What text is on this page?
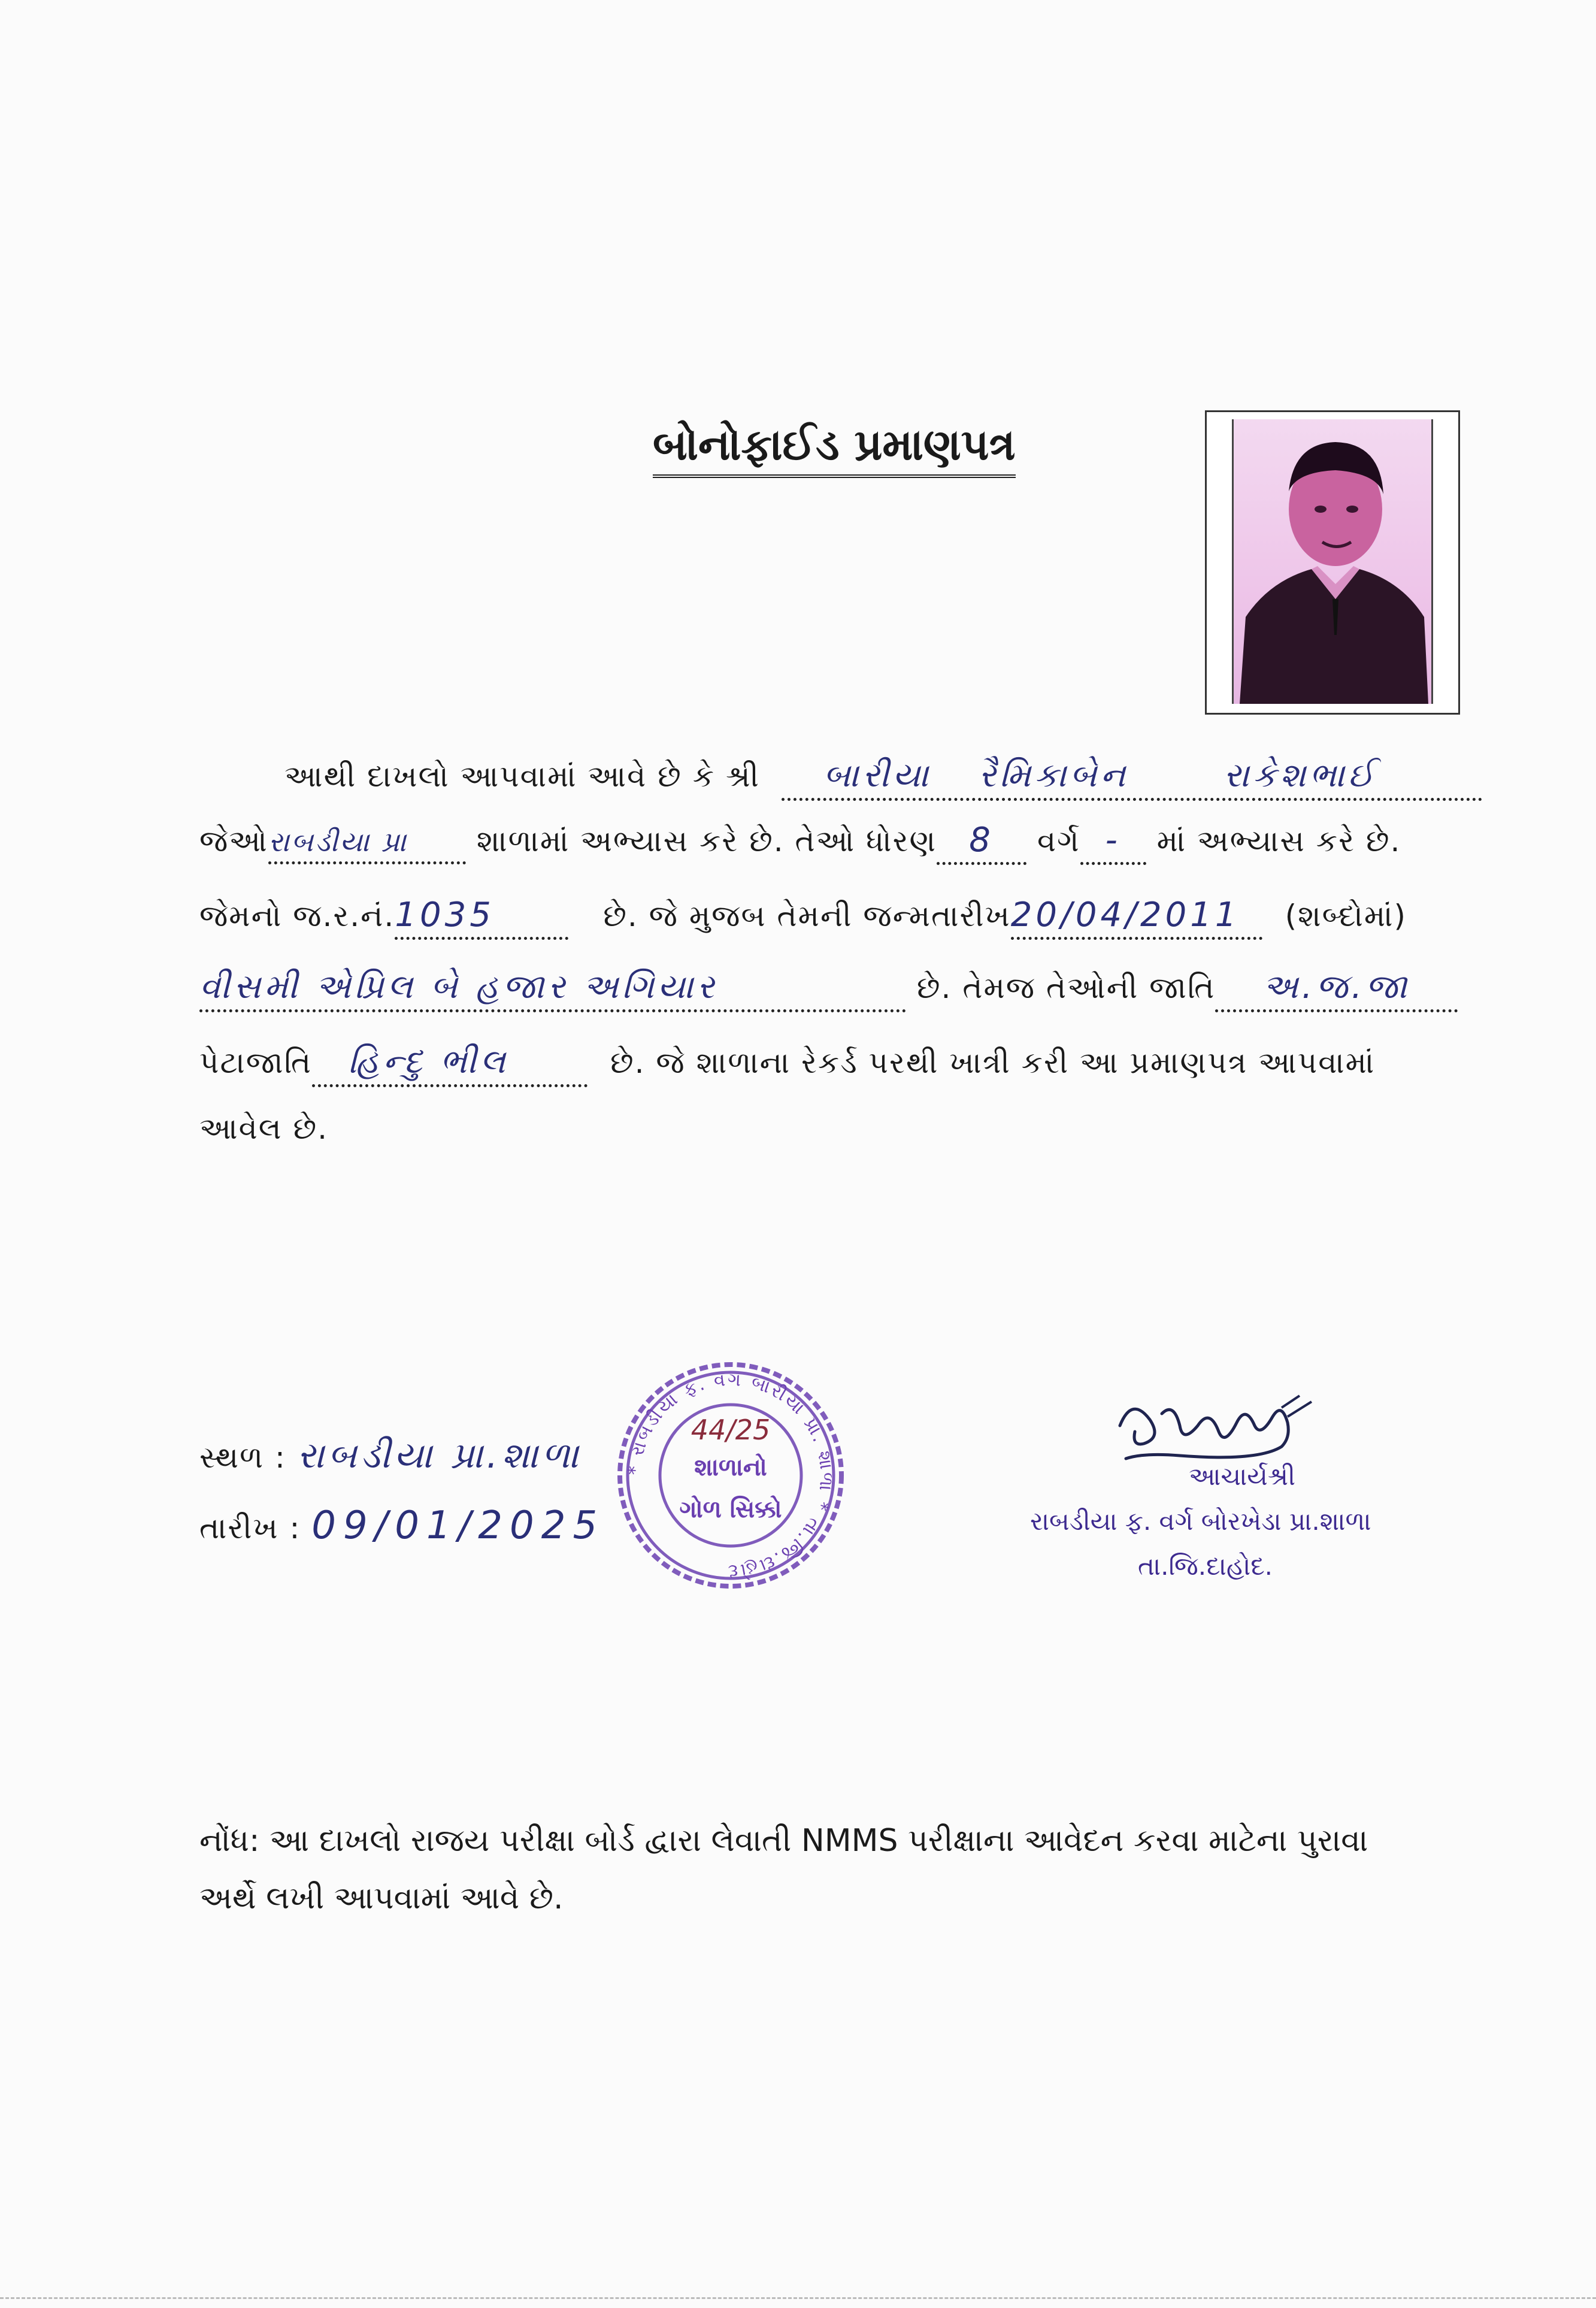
બોનોફાઈડ પ્રમાણપત્ર
આથી દાખલો આપવામાં આવે છે કે શ્રી બારીયા રૈમિકાબેન	રાકેશભાઈ
જેઓરાબડીયા પ્રા શાળામાં અભ્યાસ કરે છે. તેઓ ધોરણ 8 વર્ગ - માં અભ્યાસ કરે છે.
જેમનો જ.ર.નં.1035	છે. જે મુજબ તેમની જન્મતારીખ20/04/2011 (શબ્દોમાં)
વીસમી એપ્રિલ બે હજાર અગિયાર	છે. તેમજ તેઓની જાતિ અ.જ.જા
પેટાજાતિ હિન્દુ ભીલ	છે. જે શાળાના રેકર્ડ પરથી ખાત્રી કરી આ પ્રમાણપત્ર આપવામાં
આવેલ છે.
સ્થળ : રાબડીયા પ્રા.શાળા
તારીખ : 09/01/2025
* રાબડીયા ફ. વગ બારીયા પ્રા. શાળા * તા.જિ.દાહોદ
44/25
શાળાનો
ગોળ સિક્કો
આચાર્યશ્રી
રાબડીયા ફ. વર્ગ બોરખેડા પ્રા.શાળા
તા.જિ.દાહોદ.
નોંધ: આ દાખલો રાજય પરીક્ષા બોર્ડ દ્વારા લેવાતી NMMS પરીક્ષાના આવેદન કરવા માટેના પુરાવા અર્થે લખી આપવામાં આવે છે.
